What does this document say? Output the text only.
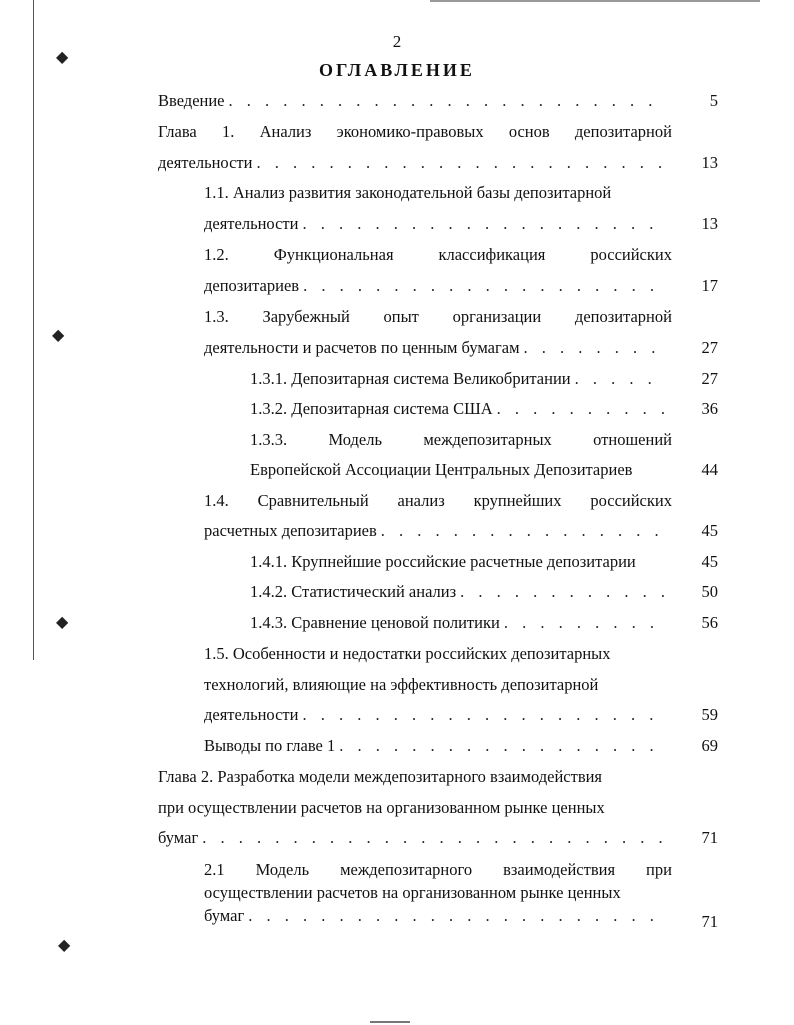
◆
◆
◆
◆
2
ОГЛАВЛЕНИЕ
Введение . . .	5
Глава 1. Анализ экономико-правовых основ депозитарной
деятельности . . .	13
1.1. Анализ развития законодательной базы депозитарной
деятельности . . .	13
1.2.	Функциональная	классификация	российских
депозитариев . . .	17
1.3. Зарубежный опыт организации депозитарной
деятельности и расчетов по ценным бумагам . . .	27
1.3.1. Депозитарная система Великобритании . . .	27
1.3.2. Депозитарная система США . . .	36
1.3.3.	Модель	междепозитарных	отношений
Европейской Ассоциации Центральных Депозитариев	44
1.4. Сравнительный анализ крупнейших российских
расчетных депозитариев . . .	45
1.4.1. Крупнейшие российские расчетные депозитарии	45
1.4.2. Статистический анализ . . .	50
1.4.3. Сравнение ценовой политики . . .	56
1.5. Особенности и недостатки российских депозитарных
технологий, влияющие на эффективность депозитарной
деятельности . . .	59
Выводы по главе 1 . . .	69
Глава 2. Разработка модели междепозитарного взаимодействия
при осуществлении расчетов на организованном рынке ценных
бумаг . . .	71
2.1 Модель междепозитарного взаимодействия при
осуществлении расчетов на организованном рынке ценных
бумаг . . .	71
